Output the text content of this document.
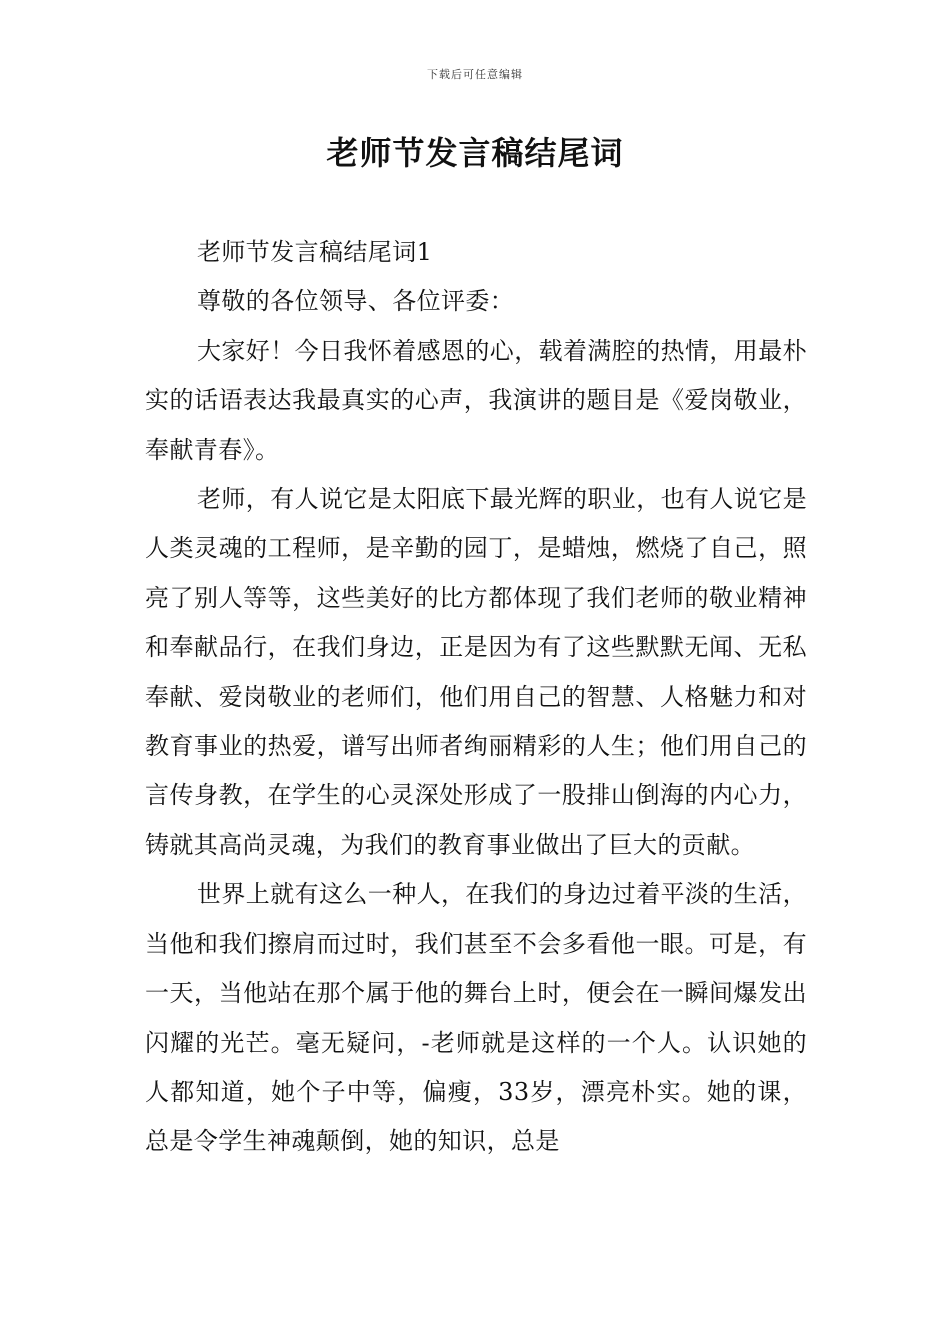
下载后可任意编辑
老师节发言稿结尾词

老师节发言稿结尾词1

尊敬的各位领导、各位评委：

大家好！今日我怀着感恩的心，载着满腔的热情，用最朴实的话语表达我最真实的心声，我演讲的题目是《爱岗敬业，奉献青春》。

老师，有人说它是太阳底下最光辉的职业，也有人说它是人类灵魂的工程师，是辛勤的园丁，是蜡烛，燃烧了自己，照亮了别人等等，这些美好的比方都体现了我们老师的敬业精神和奉献品行，在我们身边，正是因为有了这些默默无闻、无私奉献、爱岗敬业的老师们，他们用自己的智慧、人格魅力和对教育事业的热爱，谱写出师者绚丽精彩的人生；他们用自己的言传身教，在学生的心灵深处形成了一股排山倒海的内心力，铸就其高尚灵魂，为我们的教育事业做出了巨大的贡献。

世界上就有这么一种人，在我们的身边过着平淡的生活，当他和我们擦肩而过时，我们甚至不会多看他一眼。可是，有一天，当他站在那个属于他的舞台上时，便会在一瞬间爆发出闪耀的光芒。毫无疑问，-老师就是这样的一个人。认识她的人都知道，她个子中等，偏瘦，33岁，漂亮朴实。她的课，总是令学生神魂颠倒，她的知识，总是
